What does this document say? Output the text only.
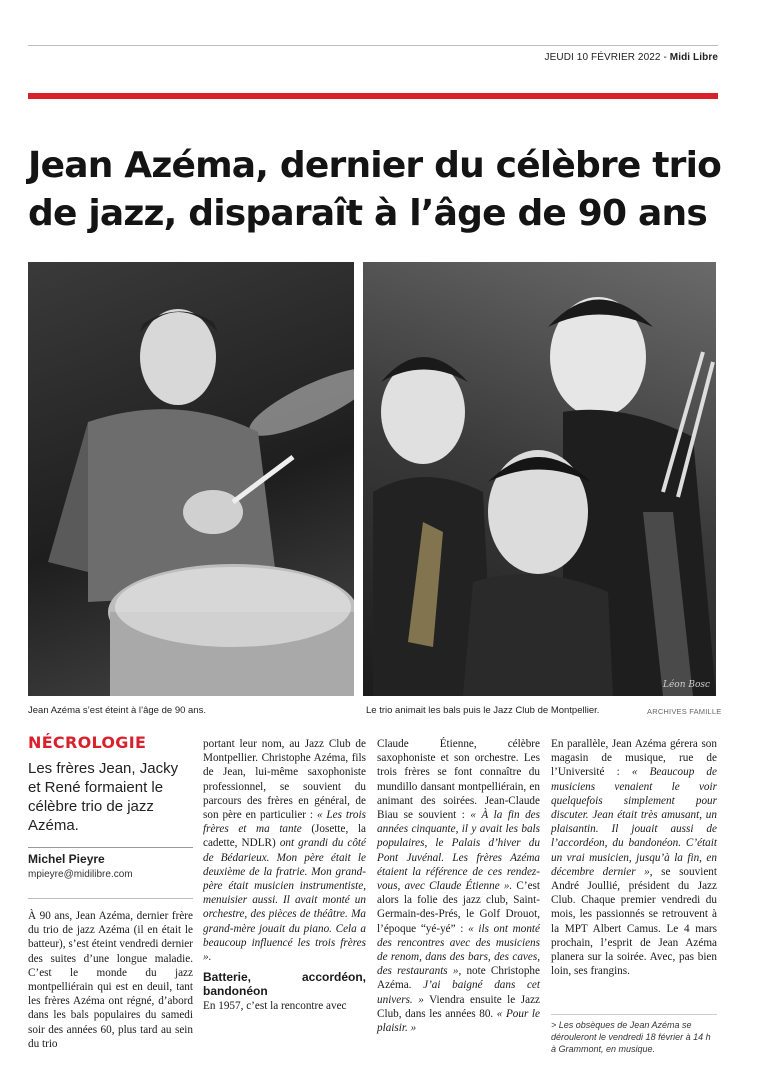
JEUDI 10 FÉVRIER 2022 - Midi Libre
Jean Azéma, dernier du célèbre trio de jazz, disparaît à l’âge de 90 ans
Léon Bosc
Jean Azéma s’est éteint à l’âge de 90 ans.	Le trio animait les bals puis le Jazz Club de Montpellier.	ARCHIVES FAMILLE
NÉCROLOGIE
Les frères Jean, Jacky et René formaient le célèbre trio de jazz Azéma.
Michel Pieyre
mpieyre@midilibre.com

À 90 ans, Jean Azéma, dernier frère du trio de jazz Azéma (il en était le batteur), s’est éteint vendredi dernier des suites d’une longue maladie. C’est le monde du jazz montpelliérain qui est en deuil, tant les frères Azéma ont régné, d’abord dans les bals populaires du samedi soir des années 60, plus tard au sein du trio

portant leur nom, au Jazz Club de Montpellier. Christophe Azéma, fils de Jean, lui-même saxophoniste professionnel, se souvient du parcours des frères en général, de son père en particulier : « Les trois frères et ma tante (Josette, la cadette, NDLR) ont grandi du côté de Bédarieux. Mon père était le deuxième de la fratrie. Mon grand-père était musicien instrumentiste, menuisier aussi. Il avait monté un orchestre, des pièces de théâtre. Ma grand-mère jouait du piano. Cela a beaucoup influencé les trois frères ».

Batterie, accordéon, bandonéon

En 1957, c’est la rencontre avec

Claude Étienne, célèbre saxophoniste et son orchestre. Les trois frères se font connaître du mundillo dansant montpelliérain, en animant des soirées. Jean-Claude Biau se souvient : « À la fin des années cinquante, il y avait les bals populaires, le Palais d’hiver du Pont Juvénal. Les frères Azéma étaient la référence de ces rendez-vous, avec Claude Étienne ». C’est alors la folie des jazz club, Saint-Germain-des-Prés, le Golf Drouot, l’époque “yé-yé” : « ils ont monté des rencontres avec des musiciens de renom, dans des bars, des caves, des restaurants », note Christophe Azéma. J’ai baigné dans cet univers. » Viendra ensuite le Jazz Club, dans les années 80. « Pour le plaisir. »

En parallèle, Jean Azéma gérera son magasin de musique, rue de l’Université : « Beaucoup de musiciens venaient le voir quelquefois simplement pour discuter. Jean était très amusant, un plaisantin. Il jouait aussi de l’accordéon, du bandonéon. C’était un vrai musicien, jusqu’à la fin, en décembre dernier », se souvient André Joullié, président du Jazz Club. Chaque premier vendredi du mois, les passionnés se retrouvent à la MPT Albert Camus. Le 4 mars prochain, l’esprit de Jean Azéma planera sur la soirée. Avec, pas bien loin, ses frangins.

> Les obsèques de Jean Azéma se dérouleront le vendredi 18 février à 14 h à Grammont, en musique.
